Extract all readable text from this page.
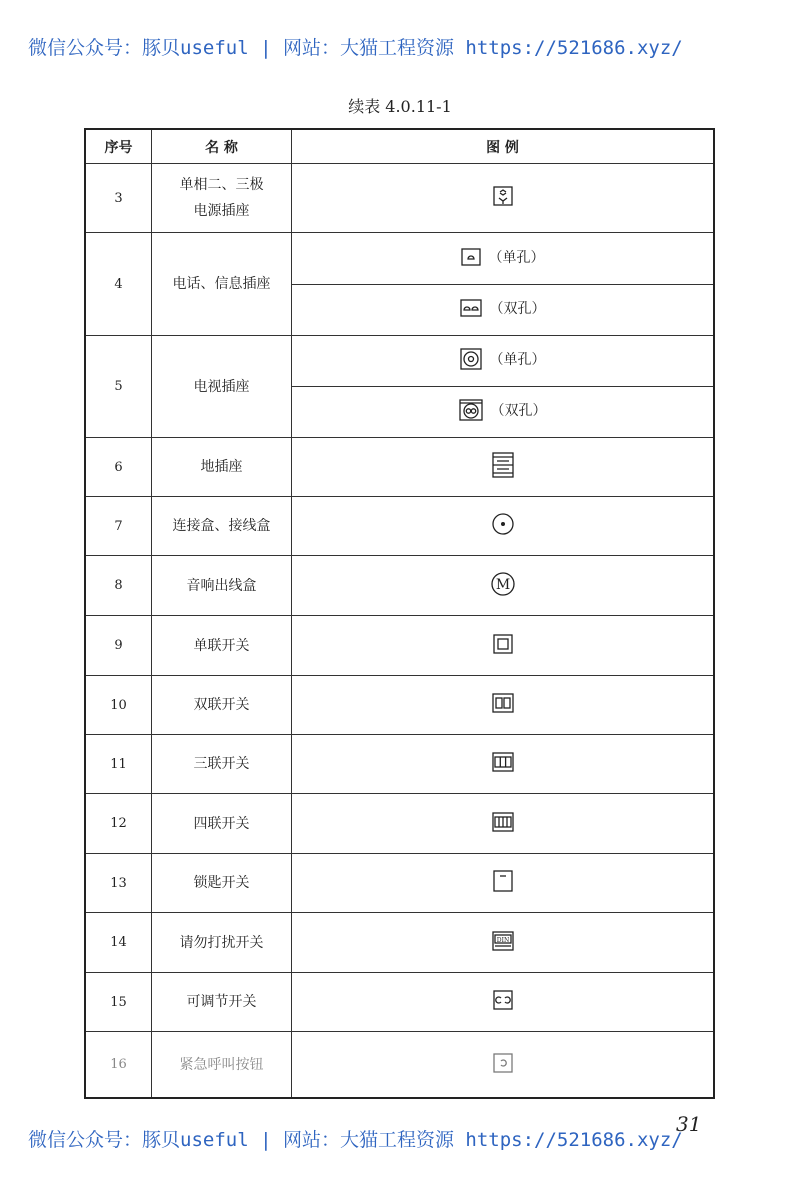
微信公众号：豚贝useful | 网站：大猫工程资源 https://521686.xyz/
续表 4.0.11-1
序号	名 称	图 例
3	单相二、三极
电源插座	

4	电话、信息插座	（单孔）

		（双孔）

5	电视插座	（单孔）

		（双孔）

6	地插座	

7	连接盒、接线盒	

8	音响出线盒	M

9	单联开关	

10	双联开关	

11	三联开关	

12	四联开关	

13	锁匙开关	

14	请勿打扰开关	DIN

15	可调节开关	

16	紧急呼叫按钮	
31
微信公众号：豚贝useful | 网站：大猫工程资源 https://521686.xyz/
